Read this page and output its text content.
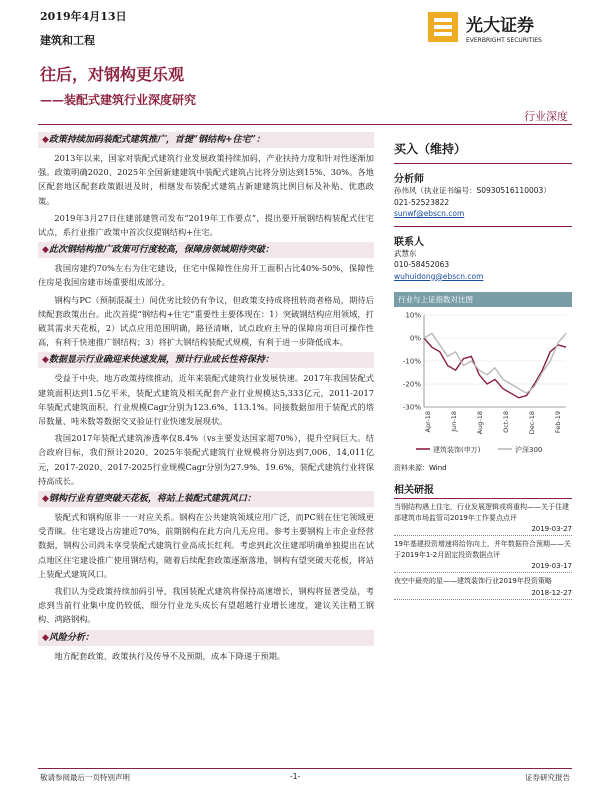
2019年4月13日
建筑和工程
光大证券
EVERBRIGHT SECURITIES
往后，对钢构更乐观
——装配式建筑行业深度研究
行业深度
◆政策持续加码装配式建筑推广，首提“钢结构+住宅”：

2013年以来，国家对装配式建筑行业发展政策持续加码，产业扶持力度和针对性逐渐加强。政策明确2020、2025年全国新建建筑中装配式建筑占比将分别达到15%、30%。各地区配套地区配套政策跟进及时，相继发布装配式建筑占新建建筑比例目标及补贴、优惠政策。

2019年3月27日住建部建管司发布“2019年工作要点”，提出要开展钢结构装配式住宅试点，系行业推广政策中首次仅提钢结构+住宅。

◆此次钢结构推广政策可行度较高，保障房领域期待突破：

我国房建约70%左右为住宅建设，住宅中保障性住房开工面积占比40%-50%，保障性住房是我国房建市场重要组成部分。

钢构与PC（预制混凝土）间优劣比较仍有争议，但政策支持成将扭转商者格局，期待后续配套政策出台。此次首提“钢结构+住宅”重要性主要体现在：1）突破钢结构应用领域，打破其需求天花板，2）试点应用范围明确，路径清晰，试点政府主导的保障房项目可操作性高，有利于快速推广钢结构；3）将扩大钢结构装配式规模，有利于进一步降低成本。

◆数据显示行业确迎来快速发展，预计行业成长性将保持：

受益于中央、地方政策持续推动，近年来装配式建筑行业发展快速。2017年我国装配式建筑面积达到1.5亿平米，装配式建筑及相关配套产业行业规模达5,333亿元，2011-2017年装配式建筑面积、行业规模Cagr分别为123.6%、113.1%。同接数据加用于装配式的塔吊数量、吨米数等数据交叉验证行业快速发展现状。

我国2017年装配式建筑渗透率仅8.4%（vs主要发达国家超70%），提升空间巨大。结合政府目标，我们预计2020、2025年装配式建筑行业规模将分别达到7,006、14,011亿元，2017-2020、2017-2025行业规模Cagr分别为27.9%、19.6%，装配式建筑行业将保持高成长。

◆钢构行业有望突破天花板，将站上装配式建筑风口：

装配式和钢构原非一一对应关系。钢构在公共建筑领域应用广泛，而PC则在住宅领域更受青睐。住宅建设占房建近70%，前期钢构在此方向几无应用。参考主要钢构上市企业经营数据，钢构公司尚未享受装配式建筑行业高成长红利。考虑到此次住建部明确单独提出在试点地区住宅建设推广使用钢结构，随着后续配套政策逐渐落地，钢构有望突破天花板，将站上装配式建筑风口。

我们认为受政策持续加码引导，我国装配式建筑将保持高速增长，钢构将显著受益，考虑到当前行业集中度仍较低，细分行业龙头成长有望超越行业增长速度，建议关注精工钢构、鸿路钢构。

◆风险分析：

地方配套政策、政策执行及传导不及预期，成本下降递于预期。

买入（维持）
分析师
孙伟风（执业证书编号：S0930516110003）
021-52523822
sunwf@ebscn.com
联系人
武慧东
010-58452063
wuhuidong@ebscn.com
行业与上证指数对比图
10%
0%
-10%
-20%
-30%
Apr-18	Jun-18	Aug-18	Oct-18	Dec-18	Feb-19
建筑装饰(申万)	沪深300
资料来源：Wind
相关研报
当钢结构遇上住宅，行业发展逻辑或将重构——关于住建部建筑市场监管司2019年工作要点点评
2019-03-27
19年基建投资增速将给你向上，并年数据符合预期——关于2019年1-2月固定投资数据点评
2019-03-17
夜空中最亮的星——建筑装饰行业2019年投资策略
2018-12-27
敬请参阅最后一页特别声明	-1-	证券研究报告
